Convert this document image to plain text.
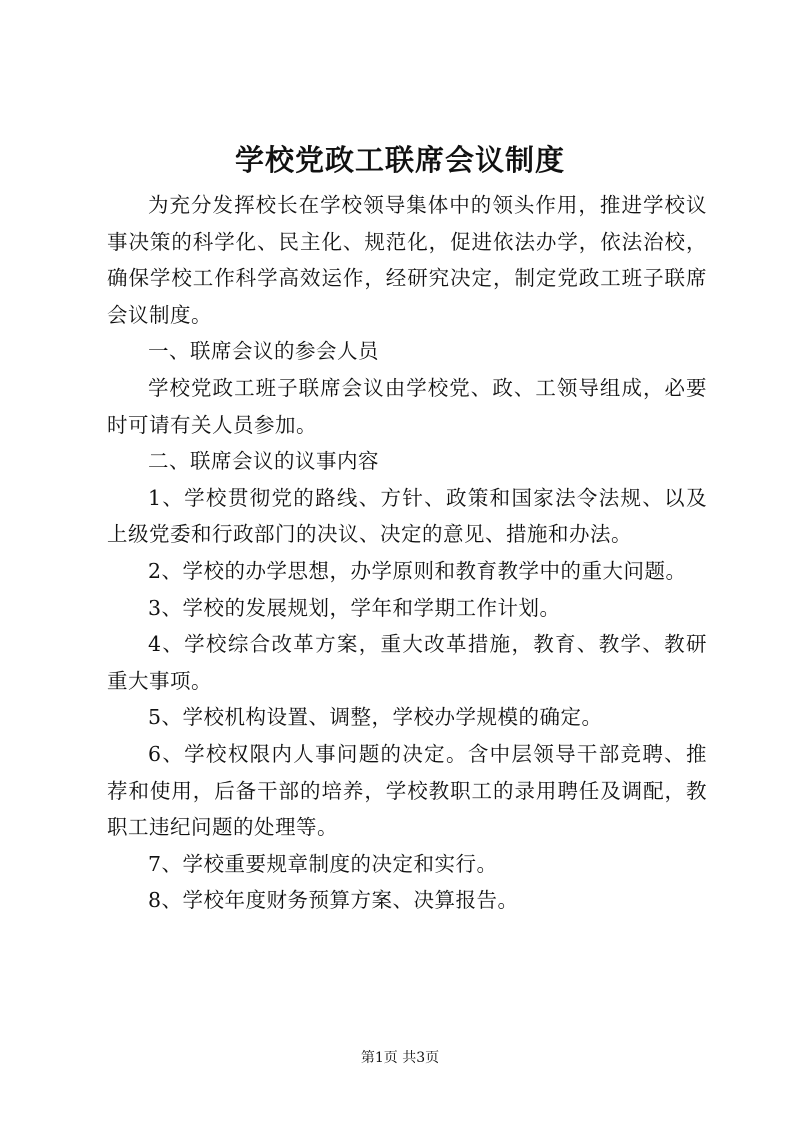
学校党政工联席会议制度

为充分发挥校长在学校领导集体中的领头作用，推进学校议事决策的科学化、民主化、规范化，促进依法办学，依法治校，确保学校工作科学高效运作，经研究决定，制定党政工班子联席会议制度。

一、联席会议的参会人员

学校党政工班子联席会议由学校党、政、工领导组成，必要时可请有关人员参加。

二、联席会议的议事内容

1、学校贯彻党的路线、方针、政策和国家法令法规、以及上级党委和行政部门的决议、决定的意见、措施和办法。

2、学校的办学思想，办学原则和教育教学中的重大问题。

3、学校的发展规划，学年和学期工作计划。

4、学校综合改革方案，重大改革措施，教育、教学、教研重大事项。

5、学校机构设置、调整，学校办学规模的确定。

6、学校权限内人事问题的决定。含中层领导干部竞聘、推荐和使用，后备干部的培养，学校教职工的录用聘任及调配，教职工违纪问题的处理等。

7、学校重要规章制度的决定和实行。

8、学校年度财务预算方案、决算报告。

第1页 共3页
